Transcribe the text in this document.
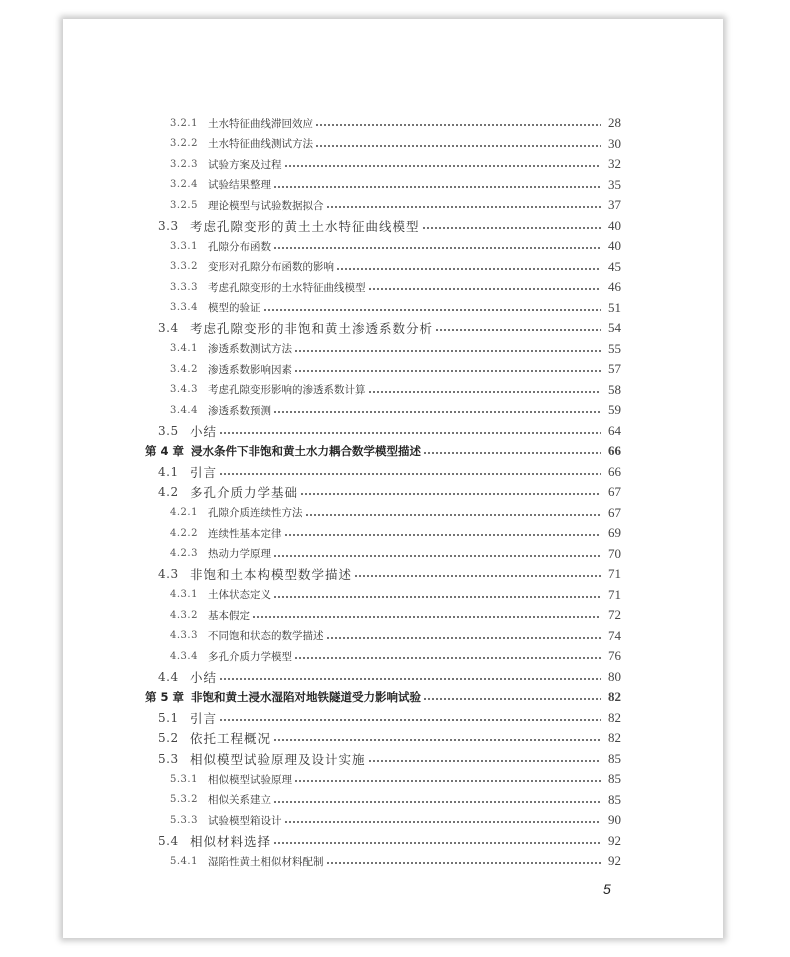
3.2.1 土水特征曲线滞回效应	28
3.2.2 土水特征曲线测试方法	30
3.2.3 试验方案及过程	32
3.2.4 试验结果整理	35
3.2.5 理论模型与试验数据拟合	37
3.3 考虑孔隙变形的黄土土水特征曲线模型	40
3.3.1 孔隙分布函数	40
3.3.2 变形对孔隙分布函数的影响	45
3.3.3 考虑孔隙变形的土水特征曲线模型	46
3.3.4 模型的验证	51
3.4 考虑孔隙变形的非饱和黄土渗透系数分析	54
3.4.1 渗透系数测试方法	55
3.4.2 渗透系数影响因素	57
3.4.3 考虑孔隙变形影响的渗透系数计算	58
3.4.4 渗透系数预测	59
3.5 小结	64
第 4 章 浸水条件下非饱和黄土水力耦合数学模型描述	66
4.1 引言	66
4.2 多孔介质力学基础	67
4.2.1 孔隙介质连续性方法	67
4.2.2 连续性基本定律	69
4.2.3 热动力学原理	70
4.3 非饱和土本构模型数学描述	71
4.3.1 土体状态定义	71
4.3.2 基本假定	72
4.3.3 不同饱和状态的数学描述	74
4.3.4 多孔介质力学模型	76
4.4 小结	80
第 5 章 非饱和黄土浸水湿陷对地铁隧道受力影响试验	82
5.1 引言	82
5.2 依托工程概况	82
5.3 相似模型试验原理及设计实施	85
5.3.1 相似模型试验原理	85
5.3.2 相似关系建立	85
5.3.3 试验模型箱设计	90
5.4 相似材料选择	92
5.4.1 湿陷性黄土相似材料配制	92
5
